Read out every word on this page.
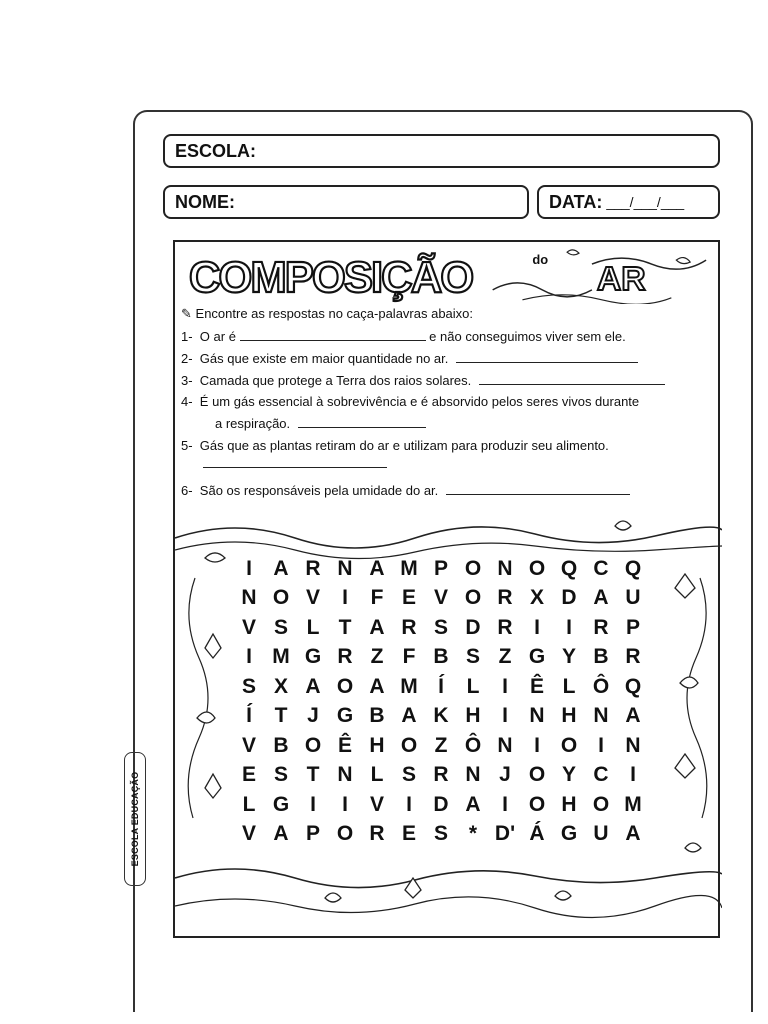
ESCOLA:
NOME:	DATA: ___/___/___
ESCOLA EDUCAÇÃO
COMPOSIÇÃO	do
AR
✎ Encontre as respostas no caça-palavras abaixo:
1- O ar é	e não conseguimos viver sem ele.
2- Gás que existe em maior quantidade no ar.
3- Camada que protege a Terra dos raios solares.
4- É um gás essencial à sobrevivência e é absorvido pelos seres vivos durante
a respiração.
5- Gás que as plantas retiram do ar e utilizam para produzir seu alimento.
6- São os responsáveis pela umidade do ar.
I	A R N A M P O N O Q C Q
N O V	I	F E V O R X D A U
V S L T A R S D R	I	I	R P
I M G R Z F B S Z G Y B R
S X A O A M Í	L	I	Ê L Ô Q
Í	T J G B A K H	I	N H N A
V B O Ê H O Z Ô N	I O I	N
E S T N L S R N J O Y C	I
L G I	I	V	I	D A	I O H O M
V A P O R E S * D' Á G U A
